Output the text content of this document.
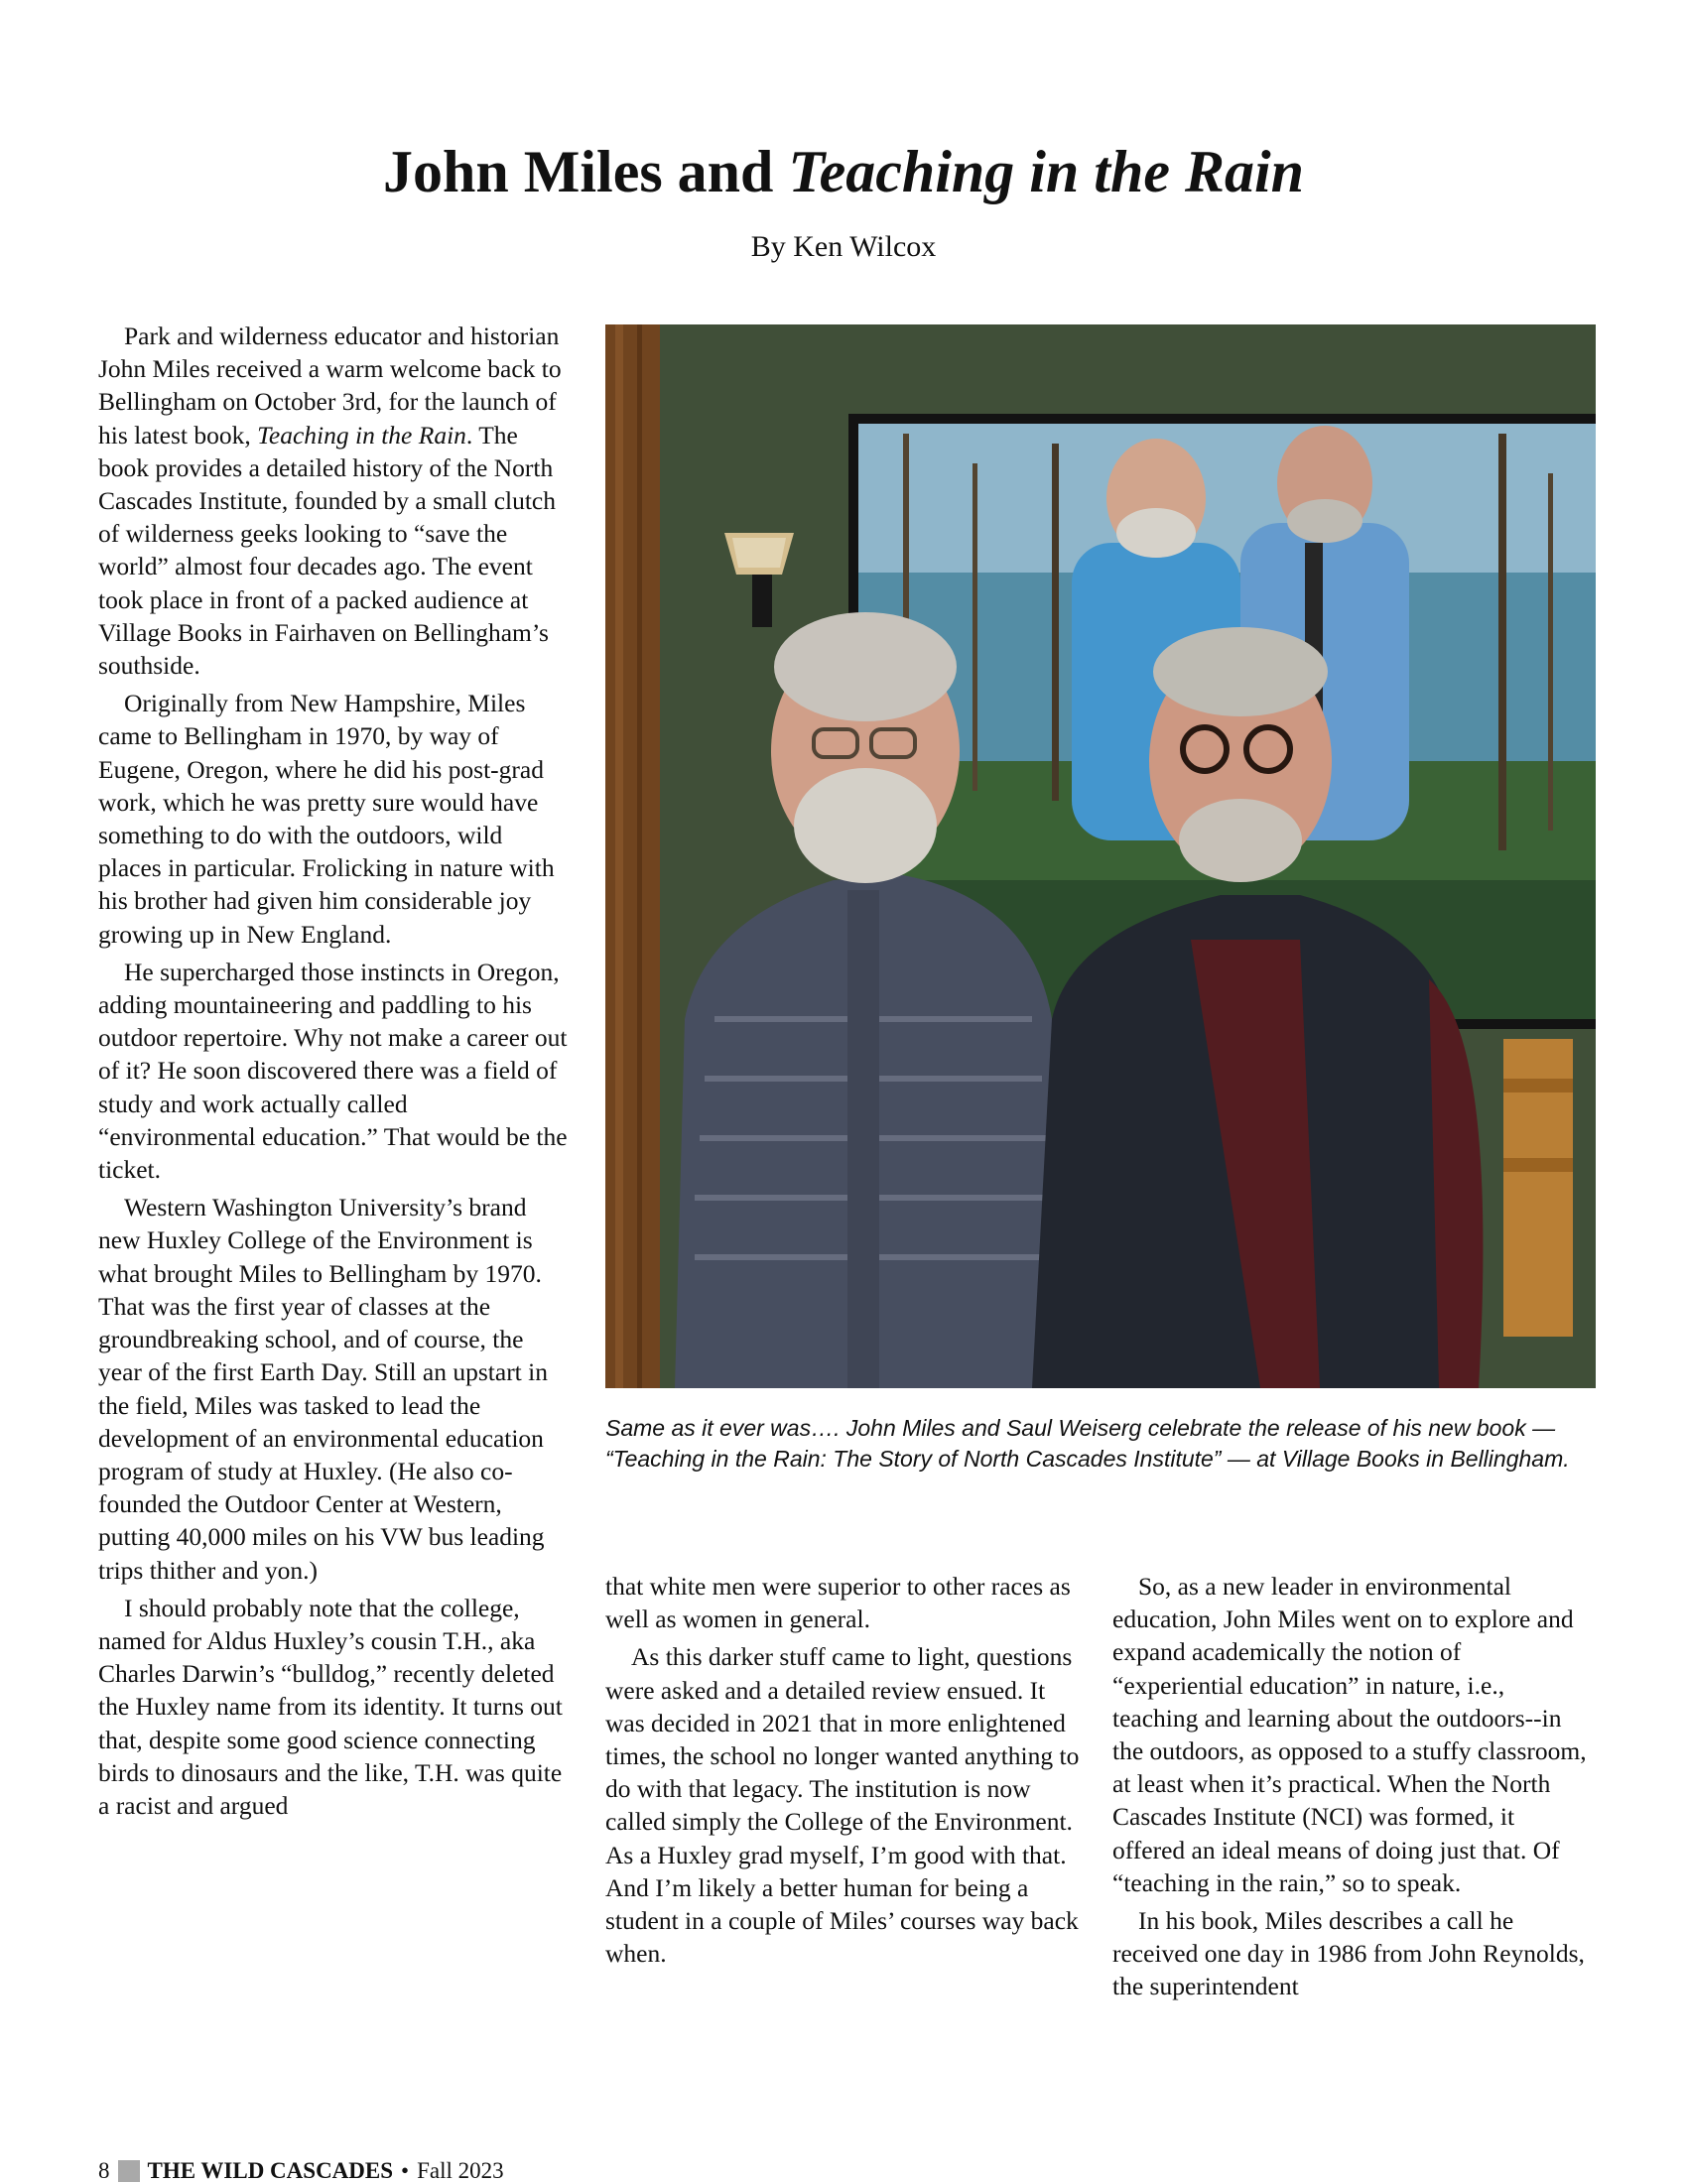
John Miles and Teaching in the Rain

By Ken Wilcox

Park and wilderness educator and historian John Miles received a warm welcome back to Bellingham on October 3rd, for the launch of his latest book, Teaching in the Rain. The book provides a detailed history of the North Cascades Institute, founded by a small clutch of wilderness geeks looking to “save the world” almost four decades ago. The event took place in front of a packed audience at Village Books in Fairhaven on Bellingham’s southside.

Originally from New Hampshire, Miles came to Bellingham in 1970, by way of Eugene, Oregon, where he did his post-grad work, which he was pretty sure would have something to do with the outdoors, wild places in particular. Frolicking in nature with his brother had given him considerable joy growing up in New England.

He supercharged those instincts in Oregon, adding mountaineering and paddling to his outdoor repertoire. Why not make a career out of it? He soon discovered there was a field of study and work actually called “environmental education.” That would be the ticket.

Western Washington University’s brand new Huxley College of the Environment is what brought Miles to Bellingham by 1970. That was the first year of classes at the groundbreaking school, and of course, the year of the first Earth Day. Still an upstart in the field, Miles was tasked to lead the development of an environmental education program of study at Huxley. (He also co-founded the Outdoor Center at Western, putting 40,000 miles on his VW bus leading trips thither and yon.)

I should probably note that the college, named for Aldus Huxley’s cousin T.H., aka Charles Darwin’s “bulldog,” recently deleted the Huxley name from its identity. It turns out that, despite some good science connecting birds to dinosaurs and the like, T.H. was quite a racist and argued

Same as it ever was…. John Miles and Saul Weiserg celebrate the release of his new book — “Teaching in the Rain: The Story of North Cascades Institute” — at Village Books in Bellingham.

that white men were superior to other races as well as women in general.

As this darker stuff came to light, questions were asked and a detailed review ensued. It was decided in 2021 that in more enlightened times, the school no longer wanted anything to do with that legacy. The institution is now called simply the College of the Environment. As a Huxley grad myself, I’m good with that. And I’m likely a better human for being a student in a couple of Miles’ courses way back when.

So, as a new leader in environmental education, John Miles went on to explore and expand academically the notion of “experiential education” in nature, i.e., teaching and learning about the outdoors--in the outdoors, as opposed to a stuffy classroom, at least when it’s practical. When the North Cascades Institute (NCI) was formed, it offered an ideal means of doing just that. Of “teaching in the rain,” so to speak.

In his book, Miles describes a call he received one day in 1986 from John Reynolds, the superintendent

8 THE WILD CASCADES • Fall 2023
